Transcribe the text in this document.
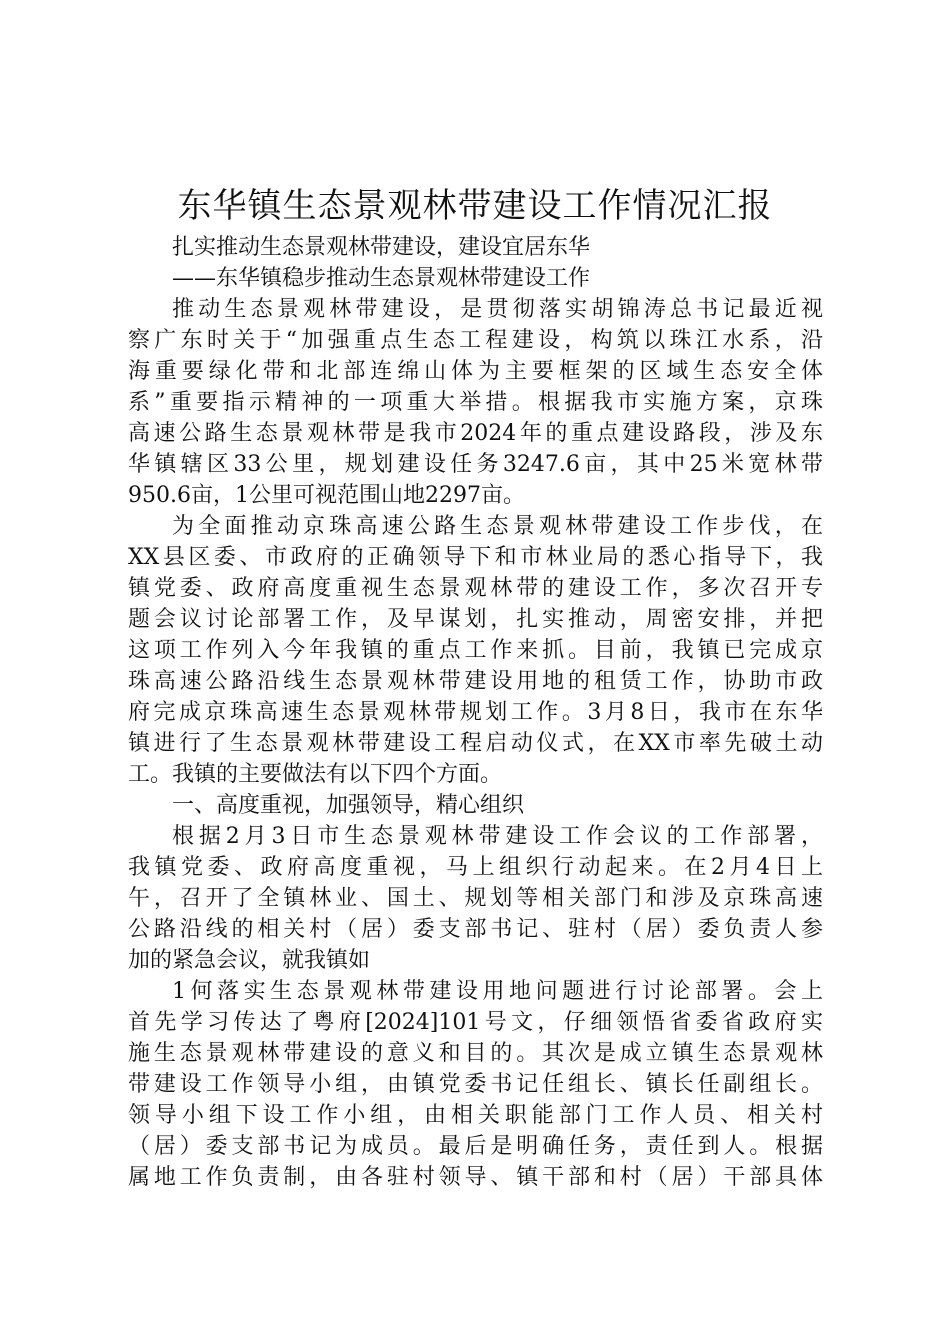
东华镇生态景观林带建设工作情况汇报
扎实推动生态景观林带建设，建设宜居东华
——东华镇稳步推动生态景观林带建设工作
推动生态景观林带建设，是贯彻落实胡锦涛总书记最近视
察广东时关于“加强重点生态工程建设，构筑以珠江水系，沿
海重要绿化带和北部连绵山体为主要框架的区域生态安全体
系”重要指示精神的一项重大举措。根据我市实施方案，京珠
高速公路生态景观林带是我市2024年的重点建设路段，涉及东
华镇辖区33公里，规划建设任务3247.6亩，其中25米宽林带
950.6亩，1公里可视范围山地2297亩。
为全面推动京珠高速公路生态景观林带建设工作步伐，在
XX县区委、市政府的正确领导下和市林业局的悉心指导下，我
镇党委、政府高度重视生态景观林带的建设工作，多次召开专
题会议讨论部署工作，及早谋划，扎实推动，周密安排，并把
这项工作列入今年我镇的重点工作来抓。目前，我镇已完成京
珠高速公路沿线生态景观林带建设用地的租赁工作，协助市政
府完成京珠高速生态景观林带规划工作。3月8日，我市在东华
镇进行了生态景观林带建设工程启动仪式，在XX市率先破土动
工。我镇的主要做法有以下四个方面。
一、高度重视，加强领导，精心组织
根据2月3日市生态景观林带建设工作会议的工作部署，
我镇党委、政府高度重视，马上组织行动起来。在2月4日上
午，召开了全镇林业、国土、规划等相关部门和涉及京珠高速
公路沿线的相关村（居）委支部书记、驻村（居）委负责人参
加的紧急会议，就我镇如
1何落实生态景观林带建设用地问题进行讨论部署。会上
首先学习传达了粤府[2024]101号文，仔细领悟省委省政府实
施生态景观林带建设的意义和目的。其次是成立镇生态景观林
带建设工作领导小组，由镇党委书记任组长、镇长任副组长。
领导小组下设工作小组，由相关职能部门工作人员、相关村
（居）委支部书记为成员。最后是明确任务，责任到人。根据
属地工作负责制，由各驻村领导、镇干部和村（居）干部具体
